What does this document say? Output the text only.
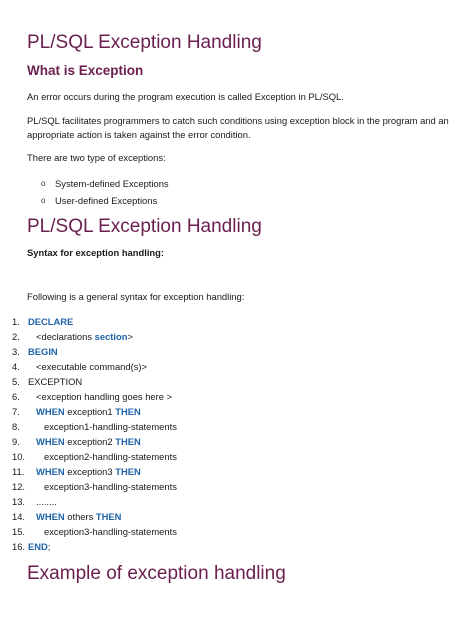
PL/SQL Exception Handling
What is Exception

An error occurs during the program execution is called Exception in PL/SQL.

PL/SQL facilitates programmers to catch such conditions using exception block in the program and an appropriate action is taken against the error condition.

There are two type of exceptions:

o System-defined Exceptions
o User-defined Exceptions
PL/SQL Exception Handling

Syntax for exception handling:

Following is a general syntax for exception handling:

1. DECLARE
2.	<declarations section>
3. BEGIN
4.	<executable command(s)>
5. EXCEPTION
6.	<exception handling goes here >
7.	WHEN exception1 THEN
8.	exception1-handling-statements
9.	WHEN exception2 THEN
10.	exception2-handling-statements
11.	WHEN exception3 THEN
12.	exception3-handling-statements
13.	........
14.	WHEN others THEN
15.	exception3-handling-statements
16. END;
Example of exception handling
